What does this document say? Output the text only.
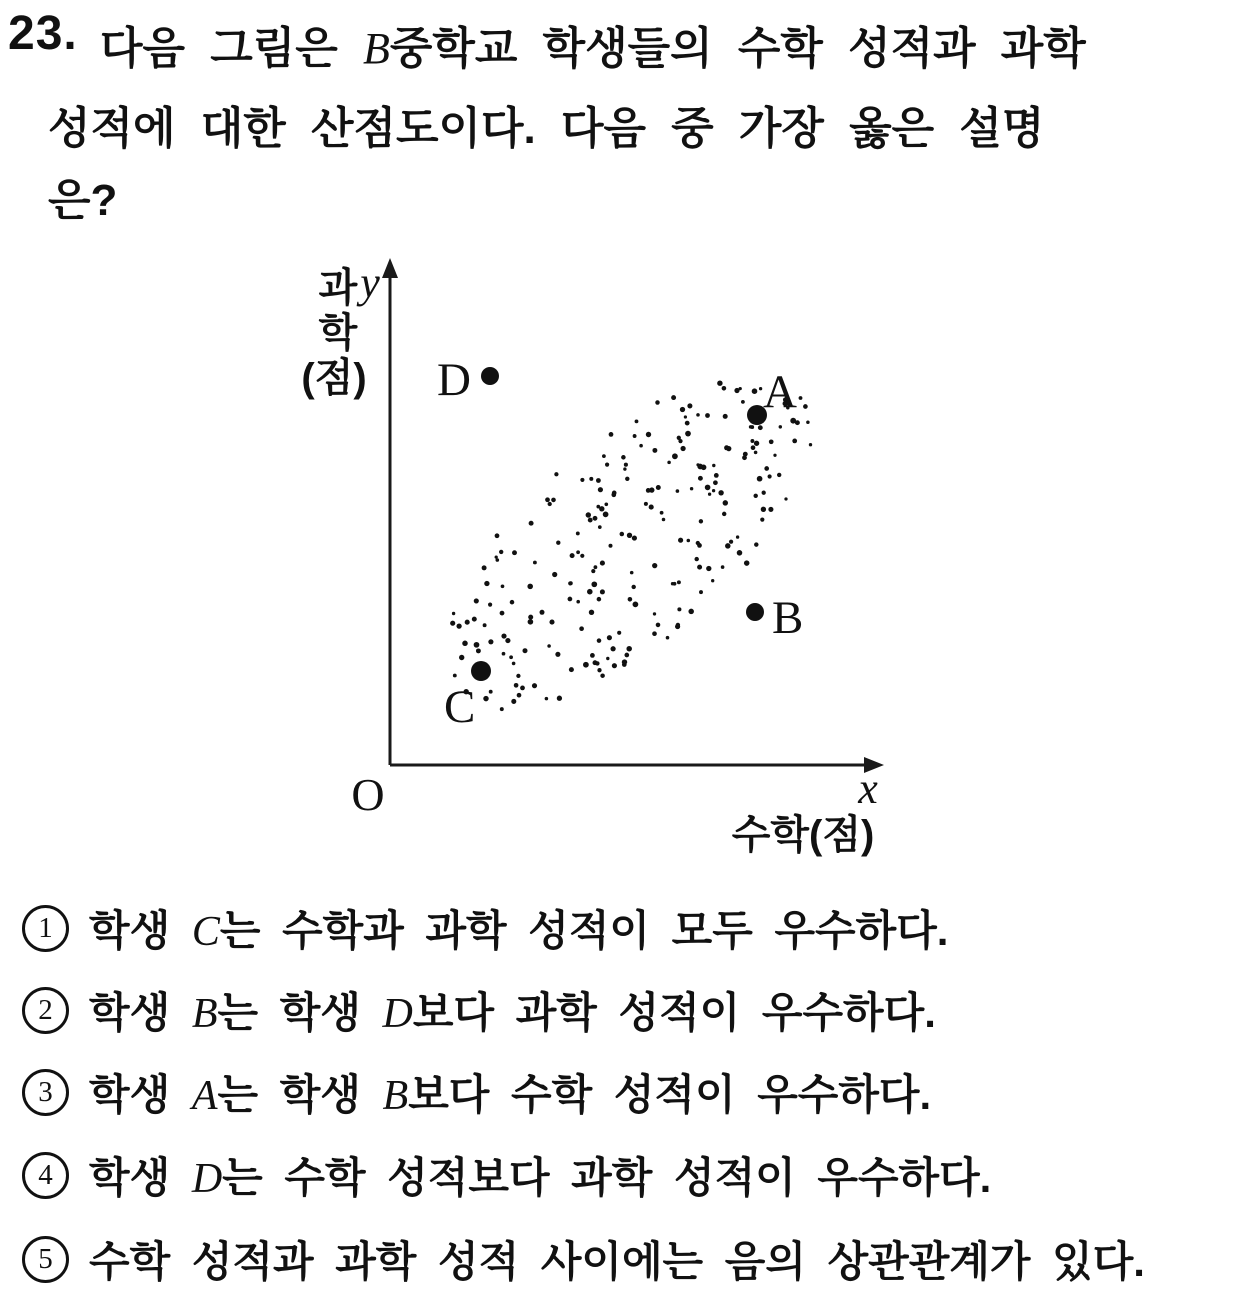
23. 다음 그림은 B중학교 학생들의 수학 성적과 과학

성적에 대한 산점도이다. 다음 중 가장 옳은 설명

은?

과
학
(점)
y
O	x
수학(점)
A
B
C
D
1 학생 C는 수학과 과학 성적이 모두 우수하다.
2 학생 B는 학생 D보다 과학 성적이 우수하다.
3 학생 A는 학생 B보다 수학 성적이 우수하다.
4 학생 D는 수학 성적보다 과학 성적이 우수하다.
5 수학 성적과 과학 성적 사이에는 음의 상관관계가 있다.
